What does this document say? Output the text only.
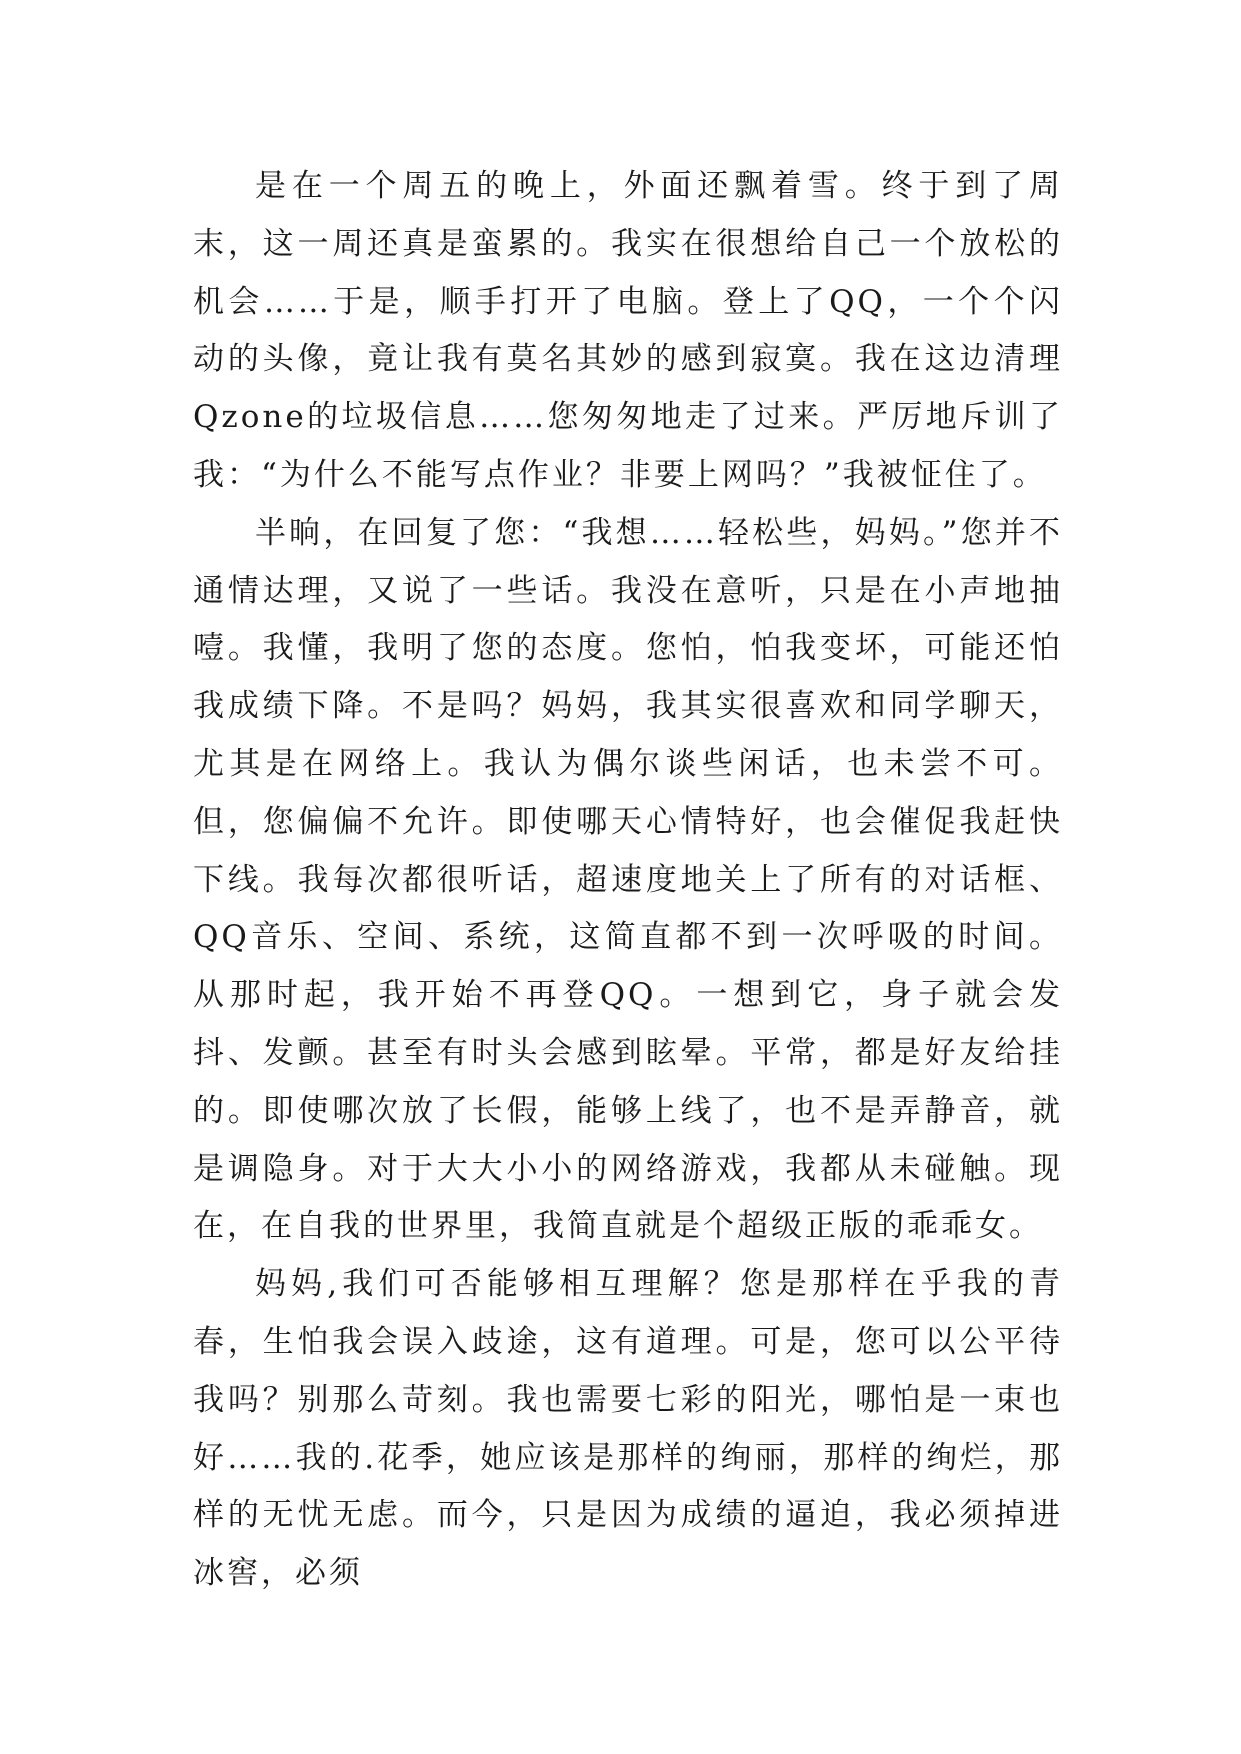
是在一个周五的晚上，外面还飘着雪。终于到了周末，这一周还真是蛮累的。我实在很想给自己一个放松的机会……于是，顺手打开了电脑。登上了QQ，一个个闪动的头像，竟让我有莫名其妙的感到寂寞。我在这边清理Qzone的垃圾信息……您匆匆地走了过来。严厉地斥训了我：“为什么不能写点作业？非要上网吗？”我被怔住了。

半晌，在回复了您：“我想……轻松些，妈妈。”您并不通情达理，又说了一些话。我没在意听，只是在小声地抽噎。我懂，我明了您的态度。您怕，怕我变坏，可能还怕我成绩下降。不是吗？妈妈，我其实很喜欢和同学聊天，尤其是在网络上。我认为偶尔谈些闲话，也未尝不可。但，您偏偏不允许。即使哪天心情特好，也会催促我赶快下线。我每次都很听话，超速度地关上了所有的对话框、QQ音乐、空间、系统，这简直都不到一次呼吸的时间。从那时起，我开始不再登QQ。一想到它，身子就会发抖、发颤。甚至有时头会感到眩晕。平常，都是好友给挂的。即使哪次放了长假，能够上线了，也不是弄静音，就是调隐身。对于大大小小的网络游戏，我都从未碰触。现在，在自我的世界里，我简直就是个超级正版的乖乖女。

妈妈,我们可否能够相互理解？您是那样在乎我的青春，生怕我会误入歧途，这有道理。可是，您可以公平待我吗？别那么苛刻。我也需要七彩的阳光，哪怕是一束也好……我的.花季，她应该是那样的绚丽，那样的绚烂，那样的无忧无虑。而今，只是因为成绩的逼迫，我必须掉进冰窖，必须
